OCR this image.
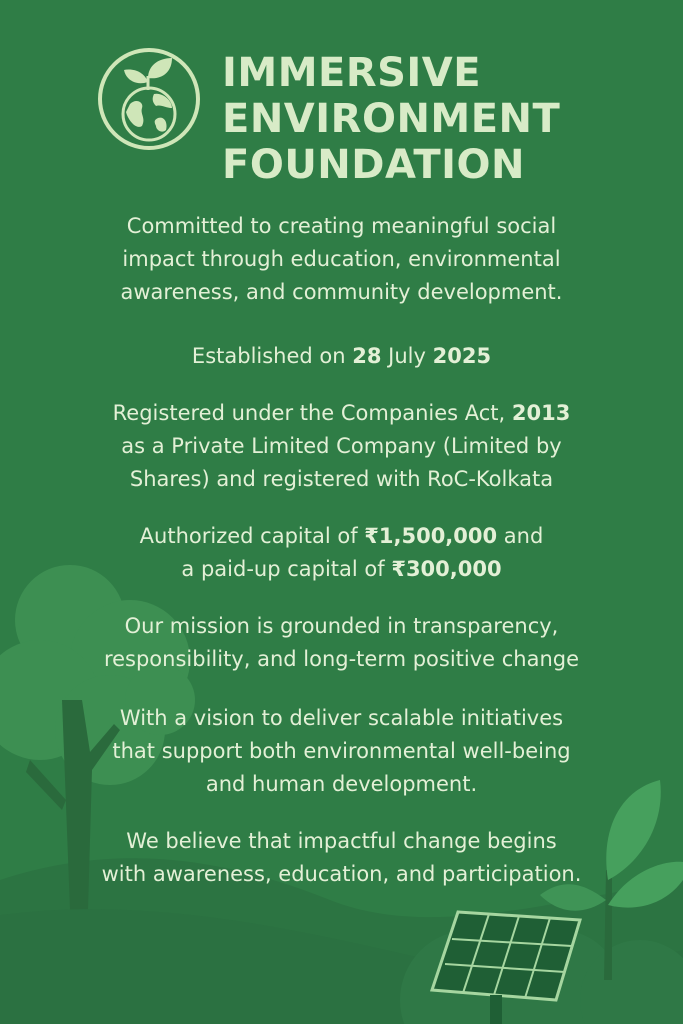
IMMERSIVE
ENVIRONMENT
FOUNDATION

Committed to creating meaningful social
impact through education, environmental
awareness, and community development.

Established on 28 July 2025

Registered under the Companies Act, 2013
as a Private Limited Company (Limited by
Shares) and registered with RoC-Kolkata

Authorized capital of ₹1,500,000 and
a paid-up capital of ₹300,000

Our mission is grounded in transparency,
responsibility, and long-term positive change

With a vision to deliver scalable initiatives
that support both environmental well-being
and human development.

We believe that impactful change begins
with awareness, education, and participation.
